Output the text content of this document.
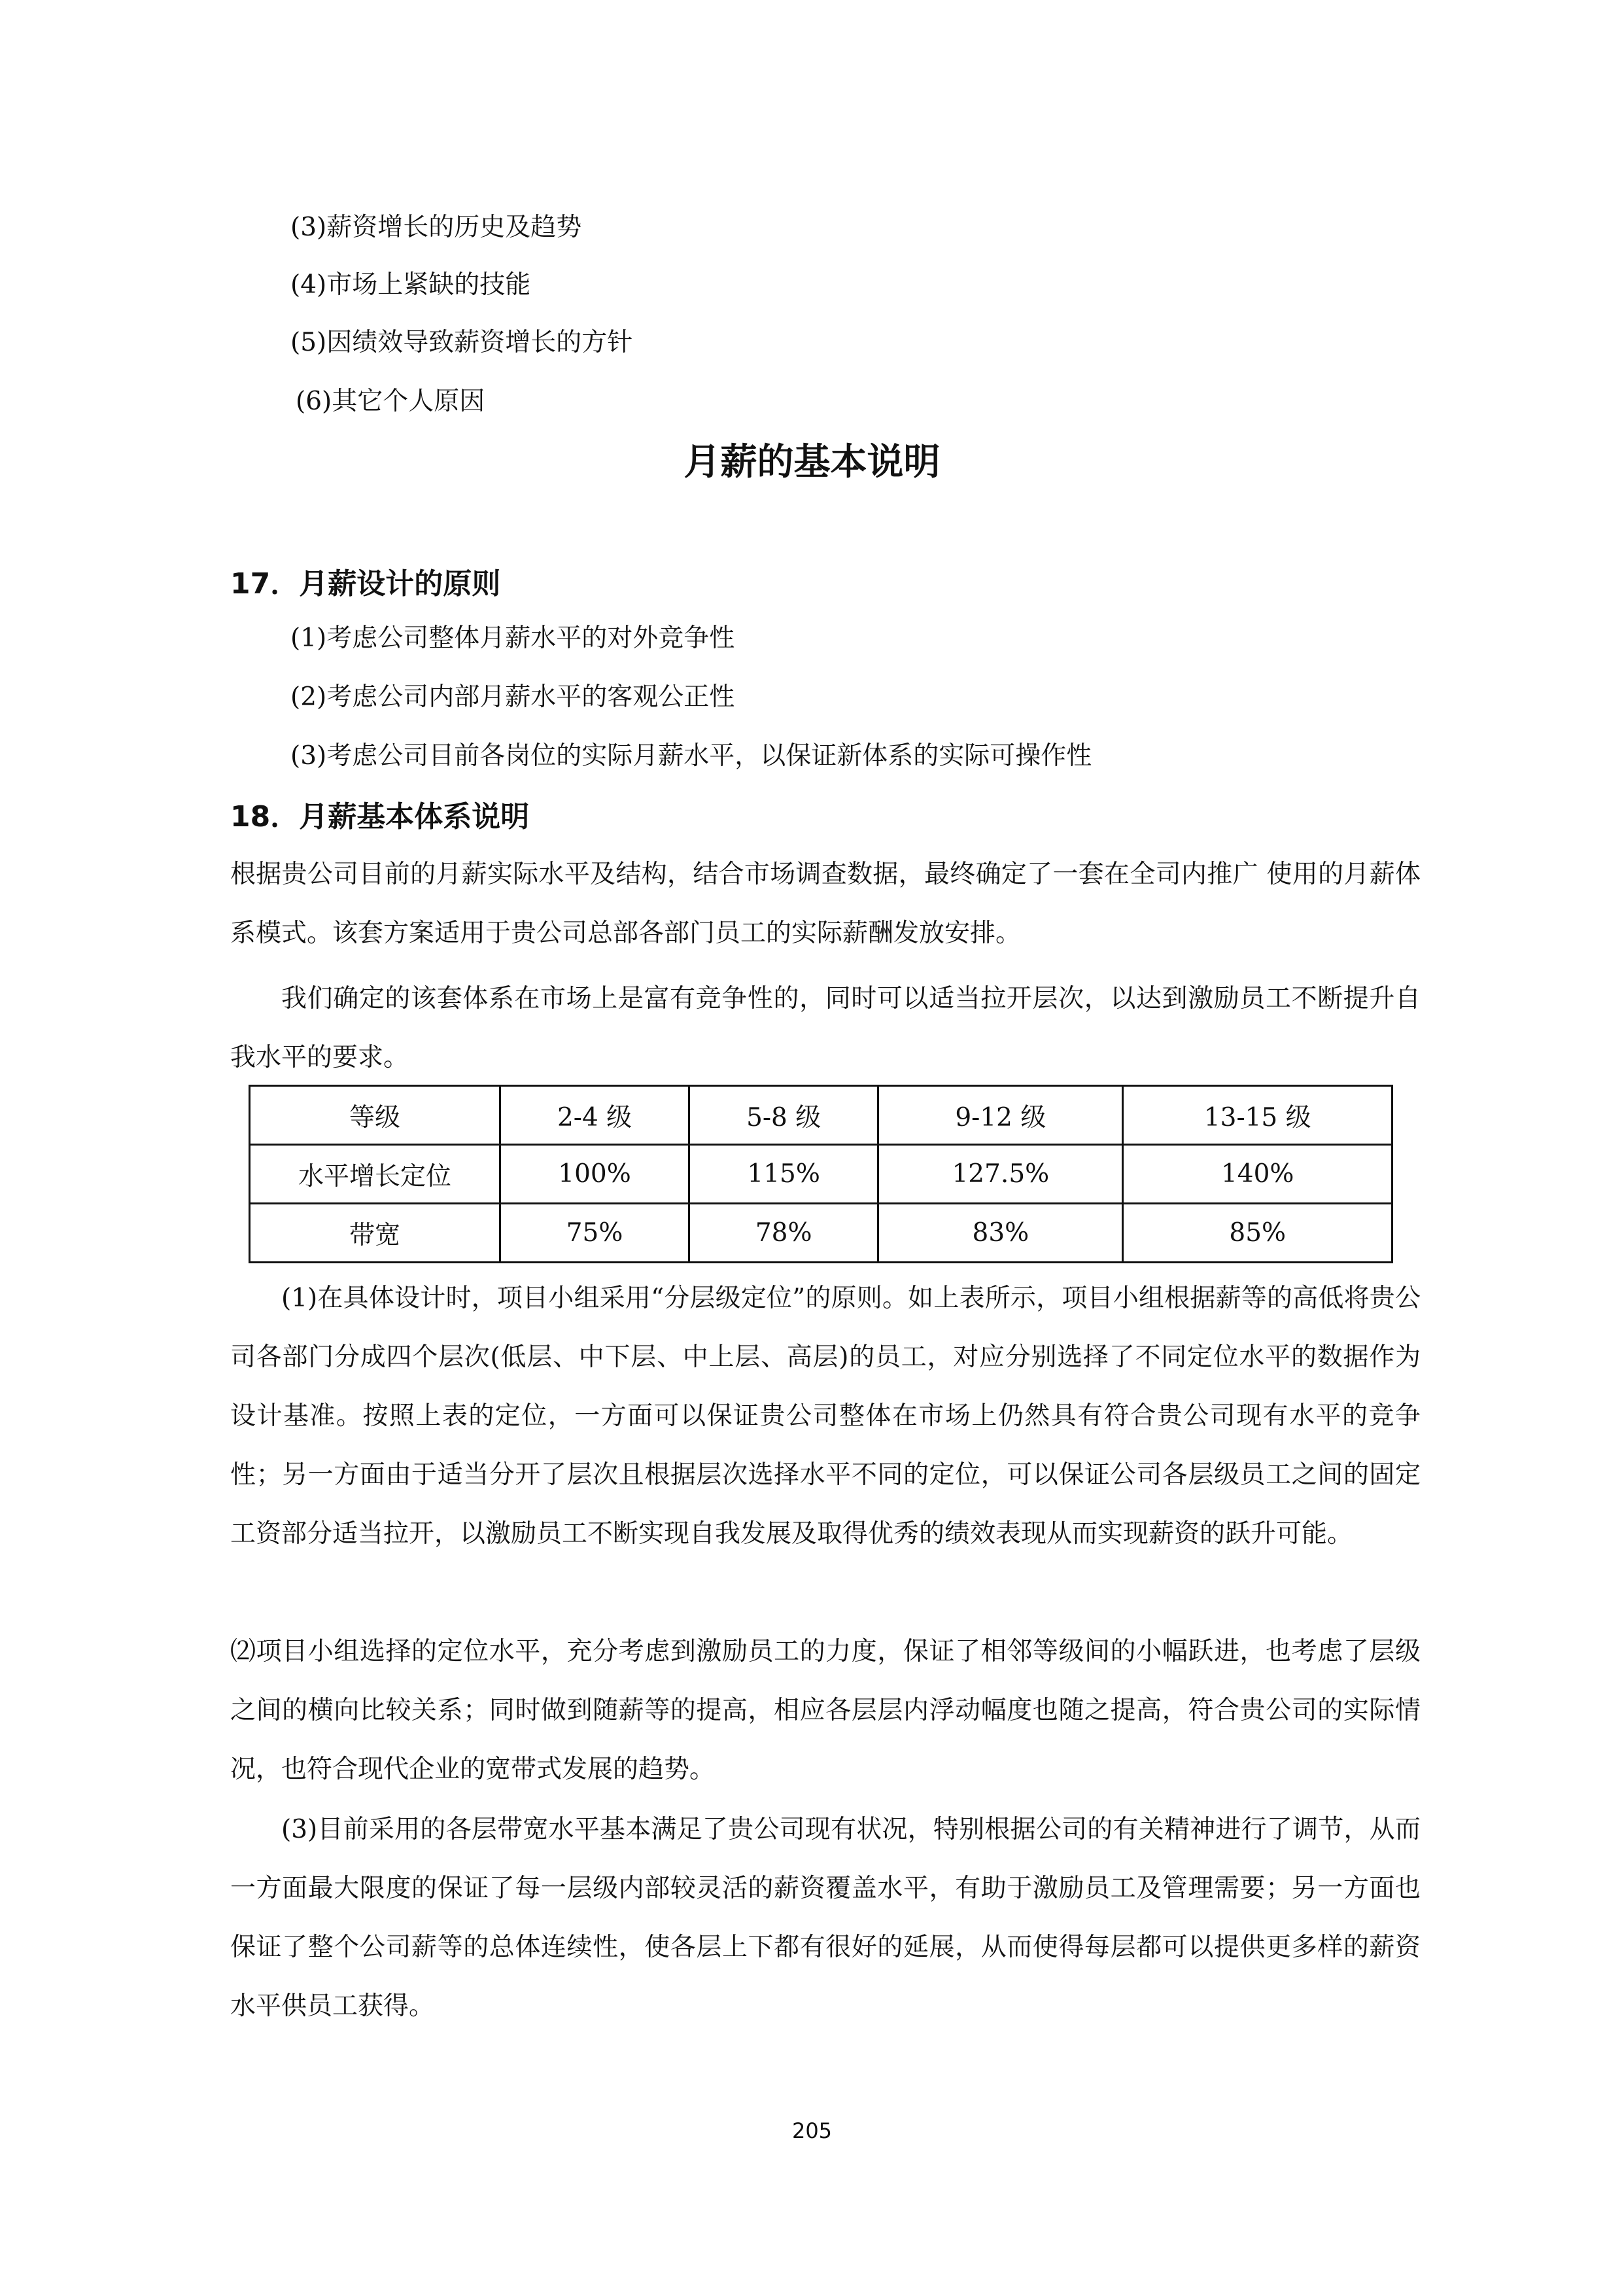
(3)薪资增长的历史及趋势
(4)市场上紧缺的技能
(5)因绩效导致薪资增长的方针
(6)其它个人原因
月薪的基本说明
17．月薪设计的原则
(1)考虑公司整体月薪水平的对外竞争性
(2)考虑公司内部月薪水平的客观公正性
(3)考虑公司目前各岗位的实际月薪水平，以保证新体系的实际可操作性
18．月薪基本体系说明
根据贵公司目前的月薪实际水平及结构，结合市场调查数据，最终确定了一套在全司内推广 使用的月薪体系模式。该套方案适用于贵公司总部各部门员工的实际薪酬发放安排。
我们确定的该套体系在市场上是富有竞争性的，同时可以适当拉开层次，以达到激励员工不断提升自我水平的要求。
等级	2-4 级	5-8 级	9-12 级	13-15 级
水平增长定位	100%	115%	127.5%	140%
带宽	75%	78%	83%	85%
(1)在具体设计时，项目小组采用“分层级定位”的原则。如上表所示，项目小组根据薪等的高低将贵公司各部门分成四个层次(低层、中下层、中上层、高层)的员工，对应分别选择了不同定位水平的数据作为设计基准。按照上表的定位，一方面可以保证贵公司整体在市场上仍然具有符合贵公司现有水平的竞争性；另一方面由于适当分开了层次且根据层次选择水平不同的定位，可以保证公司各层级员工之间的固定工资部分适当拉开，以激励员工不断实现自我发展及取得优秀的绩效表现从而实现薪资的跃升可能。
⑵项目小组选择的定位水平，充分考虑到激励员工的力度，保证了相邻等级间的小幅跃进，也考虑了层级之间的横向比较关系；同时做到随薪等的提高，相应各层层内浮动幅度也随之提高，符合贵公司的实际情况，也符合现代企业的宽带式发展的趋势。
(3)目前采用的各层带宽水平基本满足了贵公司现有状况，特别根据公司的有关精神进行了调节，从而一方面最大限度的保证了每一层级内部较灵活的薪资覆盖水平，有助于激励员工及管理需要；另一方面也保证了整个公司薪等的总体连续性，使各层上下都有很好的延展，从而使得每层都可以提供更多样的薪资水平供员工获得。
205
